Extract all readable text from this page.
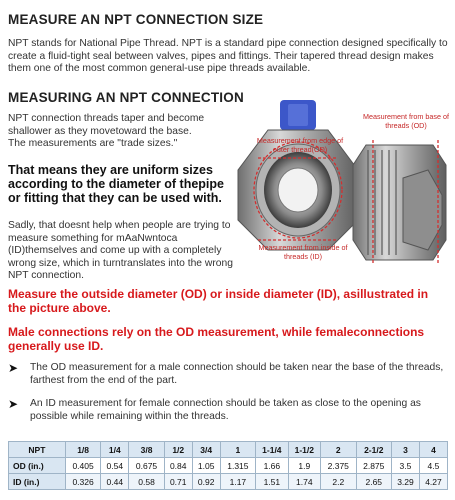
MEASURE AN NPT CONNECTION SIZE
NPT stands for National Pipe Thread. NPT is a standard pipe connection designed specifically to create a fluid-tight seal between valves, pipes and fittings. Their tapered thread design makes them one of the most common general-use pipe threads available.
MEASURING AN NPT CONNECTION
NPT connection threads taper and become shallower as they movetoward the base. The measurements are "trade sizes."
That means they are uniform sizes according to the diameter of thepipe or fitting that they can be used with.
Sadly, that doesnt help when people are trying to measure something for mAaNwntoca (ID)themselves and come up with a completely wrong size, which in turntranslates into the wrong NPT connection.
Measurement from edge of outer thread(OD)
Measurement from inside of threads (ID)
Measurement from base of threads (OD)
Measure the outside diameter (OD) or inside diameter (ID), asillustrated in the picture above.
Male connections rely on the OD measurement, while femaleconnections generally use ID.
➤	The OD measurement for a male connection should be taken near the base of the threads, farthest from the end of the part.
➤	An ID measurement for female connection should be taken as close to the opening as possible while remaining within the threads.
NPT	1/8	1/4	3/8	1/2	3/4	1	1-1/4	1-1/2	2	2-1/2	3	4
OD (in.)	0.405	0.54	0.675	0.84	1.05	1.315	1.66	1.9	2.375	2.875	3.5	4.5
ID (in.)	0.326	0.44	0.58	0.71	0.92	1.17	1.51	1.74	2.2	2.65	3.29	4.27
